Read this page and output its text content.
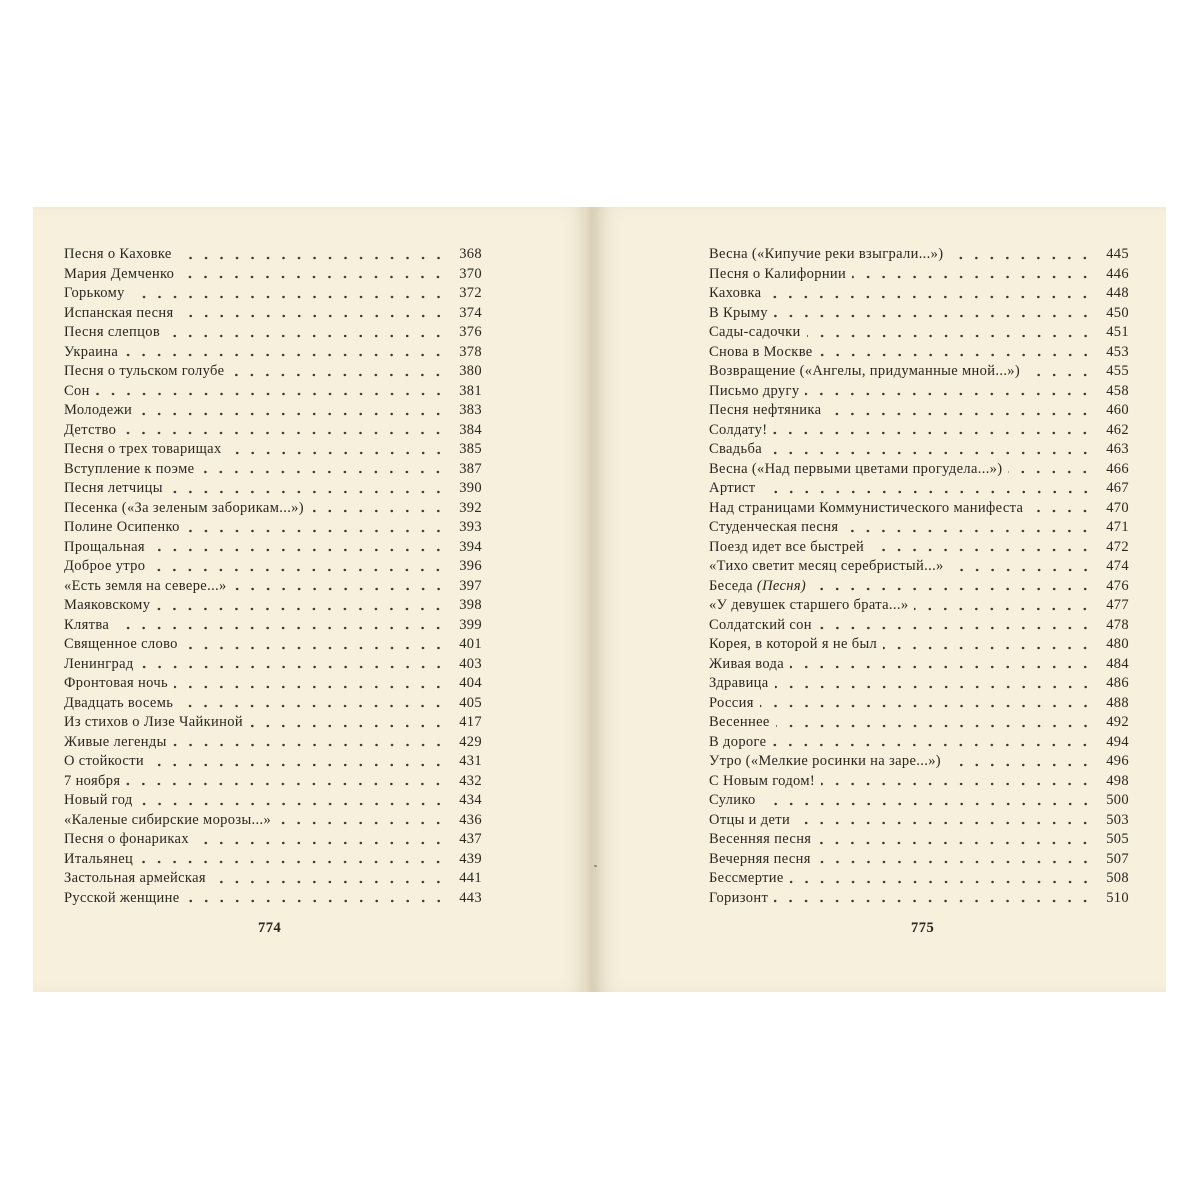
Песня о Каховке	368
Мария Демченко	370
Горькому	372
Испанская песня	374
Песня слепцов	376
Украина	378
Песня о тульском голубе	380
Сон	381
Молодежи	383
Детство	384
Песня о трех товарищах	385
Вступление к поэме	387
Песня летчицы	390
Песенка («За зеленым заборикам...»)	392
Полине Осипенко	393
Прощальная	394
Доброе утро	396
«Есть земля на севере...»	397
Маяковскому	398
Клятва	399
Священное слово	401
Ленинград	403
Фронтовая ночь	404
Двадцать восемь	405
Из стихов о Лизе Чайкиной	417
Живые легенды	429
О стойкости	431
7 ноября	432
Новый год	434
«Каленые сибирские морозы...»	436
Песня о фонариках	437
Итальянец	439
Застольная армейская	441
Русской женщине	443
774
Весна («Кипучие реки взыграли...»)	445
Песня о Калифорнии	446
Каховка	448
В Крыму	450
Сады-садочки	451
Снова в Москве	453
Возвращение («Ангелы, придуманные мной...»)	455
Письмо другу	458
Песня нефтяника	460
Солдату!	462
Свадьба	463
Весна («Над первыми цветами прогудела...»)	466
Артист	467
Над страницами Коммунистического манифеста	470
Студенческая песня	471
Поезд идет все быстрей	472
«Тихо светит месяц серебристый...»	474
Беседа (Песня)	476
«У девушек старшего брата...»	477
Солдатский сон	478
Корея, в которой я не был	480
Живая вода	484
Здравица	486
Россия	488
Весеннее	492
В дороге	494
Утро («Мелкие росинки на заре...»)	496
С Новым годом!	498
Сулико	500
Отцы и дети	503
Весенняя песня	505
Вечерняя песня	507
Бессмертие	508
Горизонт	510
775
